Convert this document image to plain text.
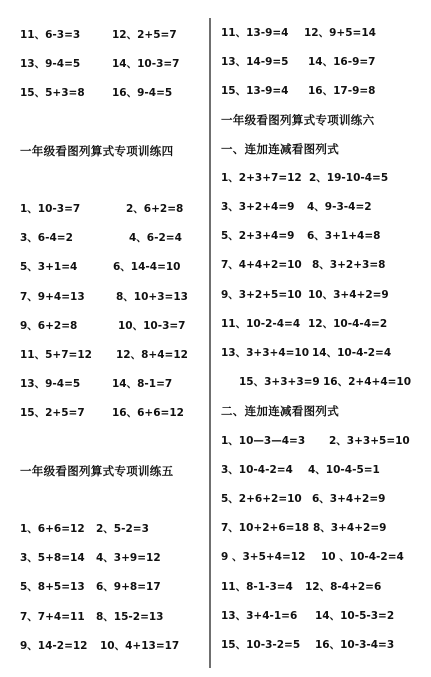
11、6-3=3	12、2+5=7
13、9-4=5	14、10-3=7
15、5+3=8	16、9-4=5
一年级看图列算式专项训练四
1、10-3=7	2、6+2=8
3、6-4=2	4、6-2=4
5、3+1=4	6、14-4=10
7、9+4=13	8、10+3=13
9、6+2=8	10、10-3=7
11、5+7=12 12、8+4=12
13、9-4=5	14、8-1=7
15、2+5=7	16、6+6=12
一年级看图列算式专项训练五
1、6+6=12 2、5-2=3
3、5+8=14 4、3+9=12
5、8+5=13 6、9+8=17
7、7+4=11 8、15-2=13
9、14-2=12 10、4+13=17
11、13-9=4 12、9+5=14
13、14-9=5 14、16-9=7
15、13-9=4 16、17-9=8
一年级看图列算式专项训练六
一、连加连减看图列式
1、2+3+7=12 2、19-10-4=5
3、3+2+4=9 4、9-3-4=2
5、2+3+4=9 6、3+1+4=8
7、4+4+2=10 8、3+2+3=8
9、3+2+5=10 10、3+4+2=9
11、10-2-4=4 12、10-4-4=2
13、3+3+4=10 14、10-4-2=4
15、3+3+3=9 16、2+4+4=10
二、连加连减看图列式
1、10—3—4=3 2、3+3+5=10
3、10-4-2=4 4、10-4-5=1
5、2+6+2=10 6、3+4+2=9
7、10+2+6=18 8、3+4+2=9
9 、3+5+4=12 10 、10-4-2=4
11、8-1-3=4 12、8-4+2=6
13、3+4-1=6 14、10-5-3=2
15、10-3-2=5 16、10-3-4=3
